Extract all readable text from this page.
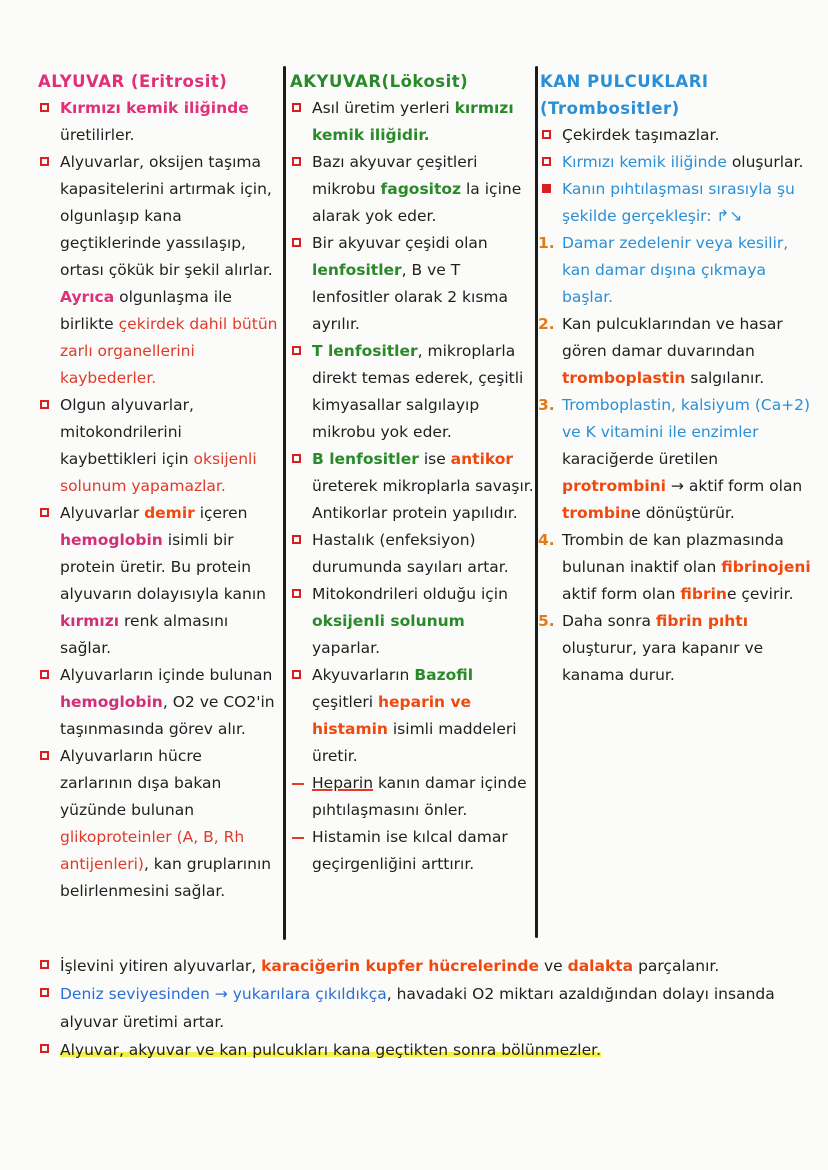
ALYUVAR (Eritrosit)

Kırmızı kemik iliğinde üretilirler.

Alyuvarlar, oksijen taşıma kapasitelerini artırmak için, olgunlaşıp kana geçtiklerinde yassılaşıp, ortası çökük bir şekil alırlar. Ayrıca olgunlaşma ile birlikte çekirdek dahil bütün zarlı organellerini kaybederler.

Olgun alyuvarlar, mitokondrilerini kaybettikleri için oksijenli solunum yapamazlar.

Alyuvarlar demir içeren hemoglobin isimli bir protein üretir. Bu protein alyuvarın dolayısıyla kanın kırmızı renk almasını sağlar.

Alyuvarların içinde bulunan hemoglobin, O2 ve CO2'in taşınmasında görev alır.

Alyuvarların hücre zarlarının dışa bakan yüzünde bulunan glikoproteinler (A, B, Rh antijenleri), kan gruplarının belirlenmesini sağlar.

AKYUVAR(Lökosit)

Asıl üretim yerleri kırmızı kemik iliğidir.

Bazı akyuvar çeşitleri mikrobu fagositoz la içine alarak yok eder.

Bir akyuvar çeşidi olan lenfositler, B ve T lenfositler olarak 2 kısma ayrılır.

T lenfositler, mikroplarla direkt temas ederek, çeşitli kimyasallar salgılayıp mikrobu yok eder.

B lenfositler ise antikor üreterek mikroplarla savaşır. Antikorlar protein yapılıdır.

Hastalık (enfeksiyon) durumunda sayıları artar.

Mitokondrileri olduğu için oksijenli solunum yaparlar.

Akyuvarların Bazofil çeşitleri heparin ve histamin isimli maddeleri üretir.

Heparin kanın damar içinde pıhtılaşmasını önler.

Histamin ise kılcal damar geçirgenliğini arttırır.

KAN PULCUKLARI (Trombositler)

Çekirdek taşımazlar.

Kırmızı kemik iliğinde oluşurlar.

Kanın pıhtılaşması sırasıyla şu şekilde gerçekleşir: ↱↘

1. Damar zedelenir veya kesilir, kan damar dışına çıkmaya başlar.

2. Kan pulcuklarından ve hasar gören damar duvarından tromboplastin salgılanır.

3. Tromboplastin, kalsiyum (Ca+2) ve K vitamini ile enzimler karaciğerde üretilen protrombini → aktif form olan trombine dönüştürür.

4. Trombin de kan plazmasında bulunan inaktif olan fibrinojeni aktif form olan fibrine çevirir.

5. Daha sonra fibrin pıhtı oluşturur, yara kapanır ve kanama durur.

İşlevini yitiren alyuvarlar, karaciğerin kupfer hücrelerinde ve dalakta parçalanır.

Deniz seviyesinden → yukarılara çıkıldıkça, havadaki O2 miktarı azaldığından dolayı insanda alyuvar üretimi artar.

Alyuvar, akyuvar ve kan pulcukları kana geçtikten sonra bölünmezler.
